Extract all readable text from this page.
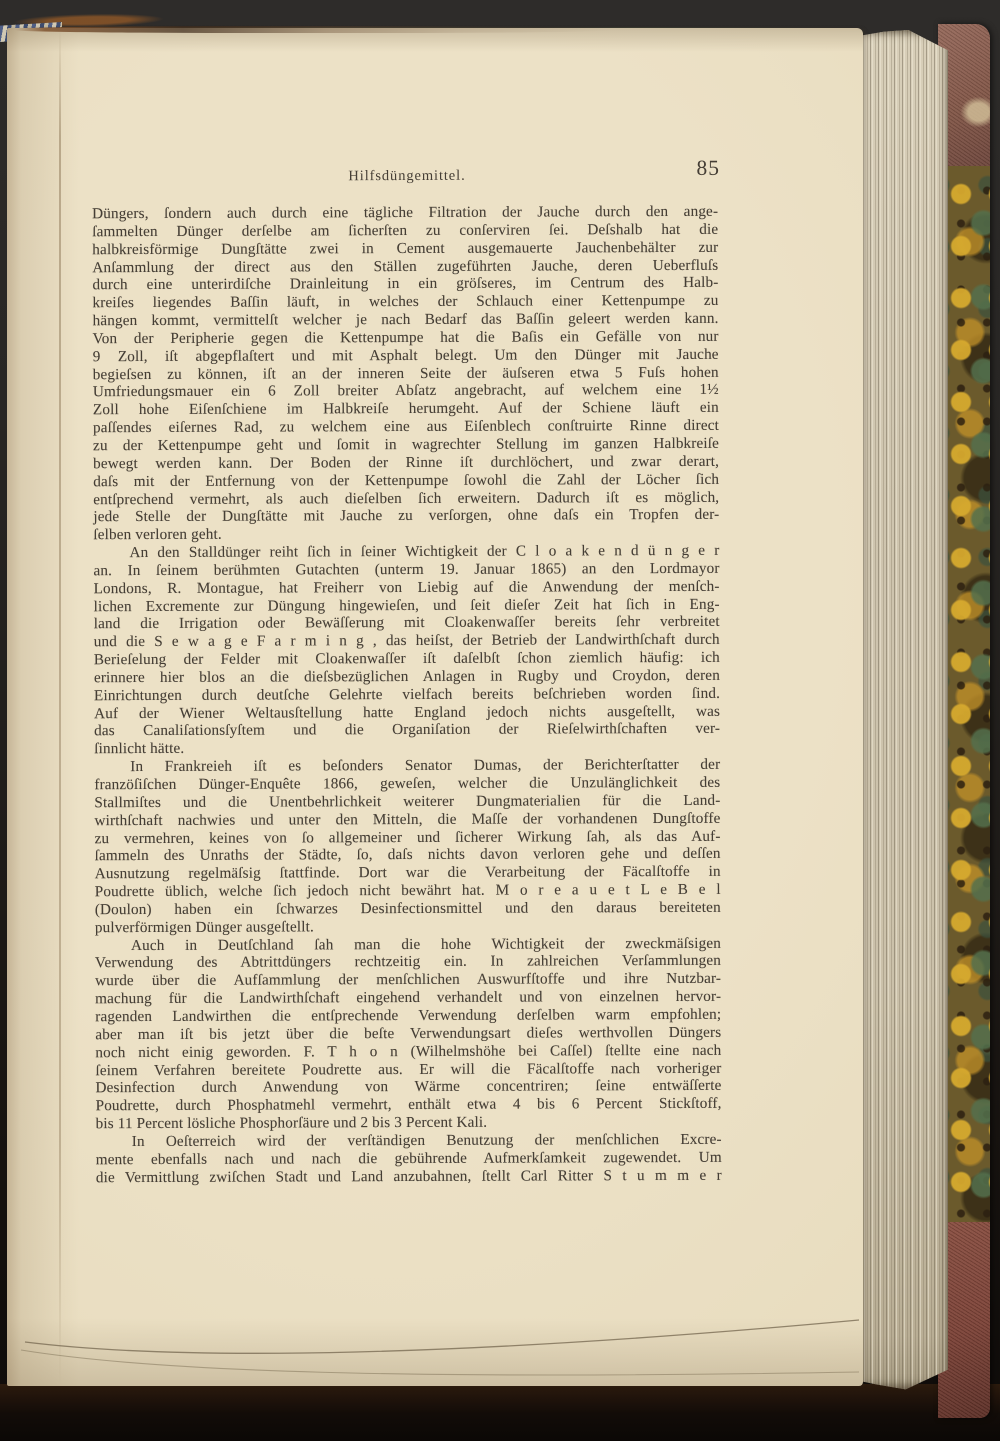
Hilfsdüngemittel.	85
Düngers, ſondern auch durch eine tägliche Filtration der Jauche durch den ange-
ſammelten Dünger derſelbe am ſicherſten zu conſerviren ſei. Deſshalb hat die
halbkreisförmige Dungſtätte zwei in Cement ausgemauerte Jauchenbehälter zur
Anſammlung der direct aus den Ställen zugeführten Jauche, deren Ueberfluſs
durch eine unterirdiſche Drainleitung in ein gröſseres, im Centrum des Halb-
kreiſes liegendes Baſſin läuft, in welches der Schlauch einer Kettenpumpe zu
hängen kommt, vermittelſt welcher je nach Bedarf das Baſſin geleert werden kann.
Von der Peripherie gegen die Kettenpumpe hat die Baſis ein Gefälle von nur
9 Zoll, iſt abgepflaſtert und mit Asphalt belegt. Um den Dünger mit Jauche
begieſsen zu können, iſt an der inneren Seite der äuſseren etwa 5 Fuſs hohen
Umfriedungsmauer ein 6 Zoll breiter Abſatz angebracht, auf welchem eine 1½
Zoll hohe Eiſenſchiene im Halbkreiſe herumgeht. Auf der Schiene läuft ein
paſſendes eiſernes Rad, zu welchem eine aus Eiſenblech conſtruirte Rinne direct
zu der Kettenpumpe geht und ſomit in wagrechter Stellung im ganzen Halbkreiſe
bewegt werden kann. Der Boden der Rinne iſt durchlöchert, und zwar derart,
daſs mit der Entfernung von der Kettenpumpe ſowohl die Zahl der Löcher ſich
entſprechend vermehrt, als auch dieſelben ſich erweitern. Dadurch iſt es möglich,
jede Stelle der Dungſtätte mit Jauche zu verſorgen, ohne daſs ein Tropfen der-
ſelben verloren geht.
An den Stalldünger reiht ſich in ſeiner Wichtigkeit der C l o a k e n d ü n g e r
an. In ſeinem berühmten Gutachten (unterm 19. Januar 1865) an den Lordmayor
Londons, R. Montague, hat Freiherr von Liebig auf die Anwendung der menſch-
lichen Excremente zur Düngung hingewieſen, und ſeit dieſer Zeit hat ſich in Eng-
land die Irrigation oder Bewäſſerung mit Cloakenwaſſer bereits ſehr verbreitet
und die S e w a g e F a r m i n g , das heiſst, der Betrieb der Landwirthſchaft durch
Berieſelung der Felder mit Cloakenwaſſer iſt daſelbſt ſchon ziemlich häufig: ich
erinnere hier blos an die dieſsbezüglichen Anlagen in Rugby und Croydon, deren
Einrichtungen durch deutſche Gelehrte vielfach bereits beſchrieben worden ſind.
Auf der Wiener Weltausſtellung hatte England jedoch nichts ausgeſtellt, was
das Canaliſationsſyſtem und die Organiſation der Rieſelwirthſchaften ver-
ſinnlicht hätte.
In Frankreieh iſt es beſonders Senator Dumas, der Berichterſtatter der
franzöſiſchen Dünger-Enquête 1866, geweſen, welcher die Unzulänglichkeit des
Stallmiſtes und die Unentbehrlichkeit weiterer Dungmaterialien für die Land-
wirthſchaft nachwies und unter den Mitteln, die Maſſe der vorhandenen Dungſtoffe
zu vermehren, keines von ſo allgemeiner und ſicherer Wirkung ſah, als das Auf-
ſammeln des Unraths der Städte, ſo, daſs nichts davon verloren gehe und deſſen
Ausnutzung regelmäſsig ſtattfinde. Dort war die Verarbeitung der Fäcalſtoffe in
Poudrette üblich, welche ſich jedoch nicht bewährt hat. M o r e a u e t L e B e l
(Doulon) haben ein ſchwarzes Desinfectionsmittel und den daraus bereiteten
pulverförmigen Dünger ausgeſtellt.
Auch in Deutſchland ſah man die hohe Wichtigkeit der zweckmäſsigen
Verwendung des Abtrittdüngers rechtzeitig ein. In zahlreichen Verſammlungen
wurde über die Aufſammlung der menſchlichen Auswurfſtoffe und ihre Nutzbar-
machung für die Landwirthſchaft eingehend verhandelt und von einzelnen hervor-
ragenden Landwirthen die entſprechende Verwendung derſelben warm empfohlen;
aber man iſt bis jetzt über die beſte Verwendungsart dieſes werthvollen Düngers
noch nicht einig geworden. F. T h o n (Wilhelmshöhe bei Caſſel) ſtellte eine nach
ſeinem Verfahren bereitete Poudrette aus. Er will die Fäcalſtoffe nach vorheriger
Desinfection durch Anwendung von Wärme concentriren; ſeine entwäſſerte
Poudrette, durch Phosphatmehl vermehrt, enthält etwa 4 bis 6 Percent Stickſtoff,
bis 11 Percent lösliche Phosphorſäure und 2 bis 3 Percent Kali.
In Oeſterreich wird der verſtändigen Benutzung der menſchlichen Excre-
mente ebenfalls nach und nach die gebührende Aufmerkſamkeit zugewendet. Um
die Vermittlung zwiſchen Stadt und Land anzubahnen, ſtellt Carl Ritter S t u m m e r
